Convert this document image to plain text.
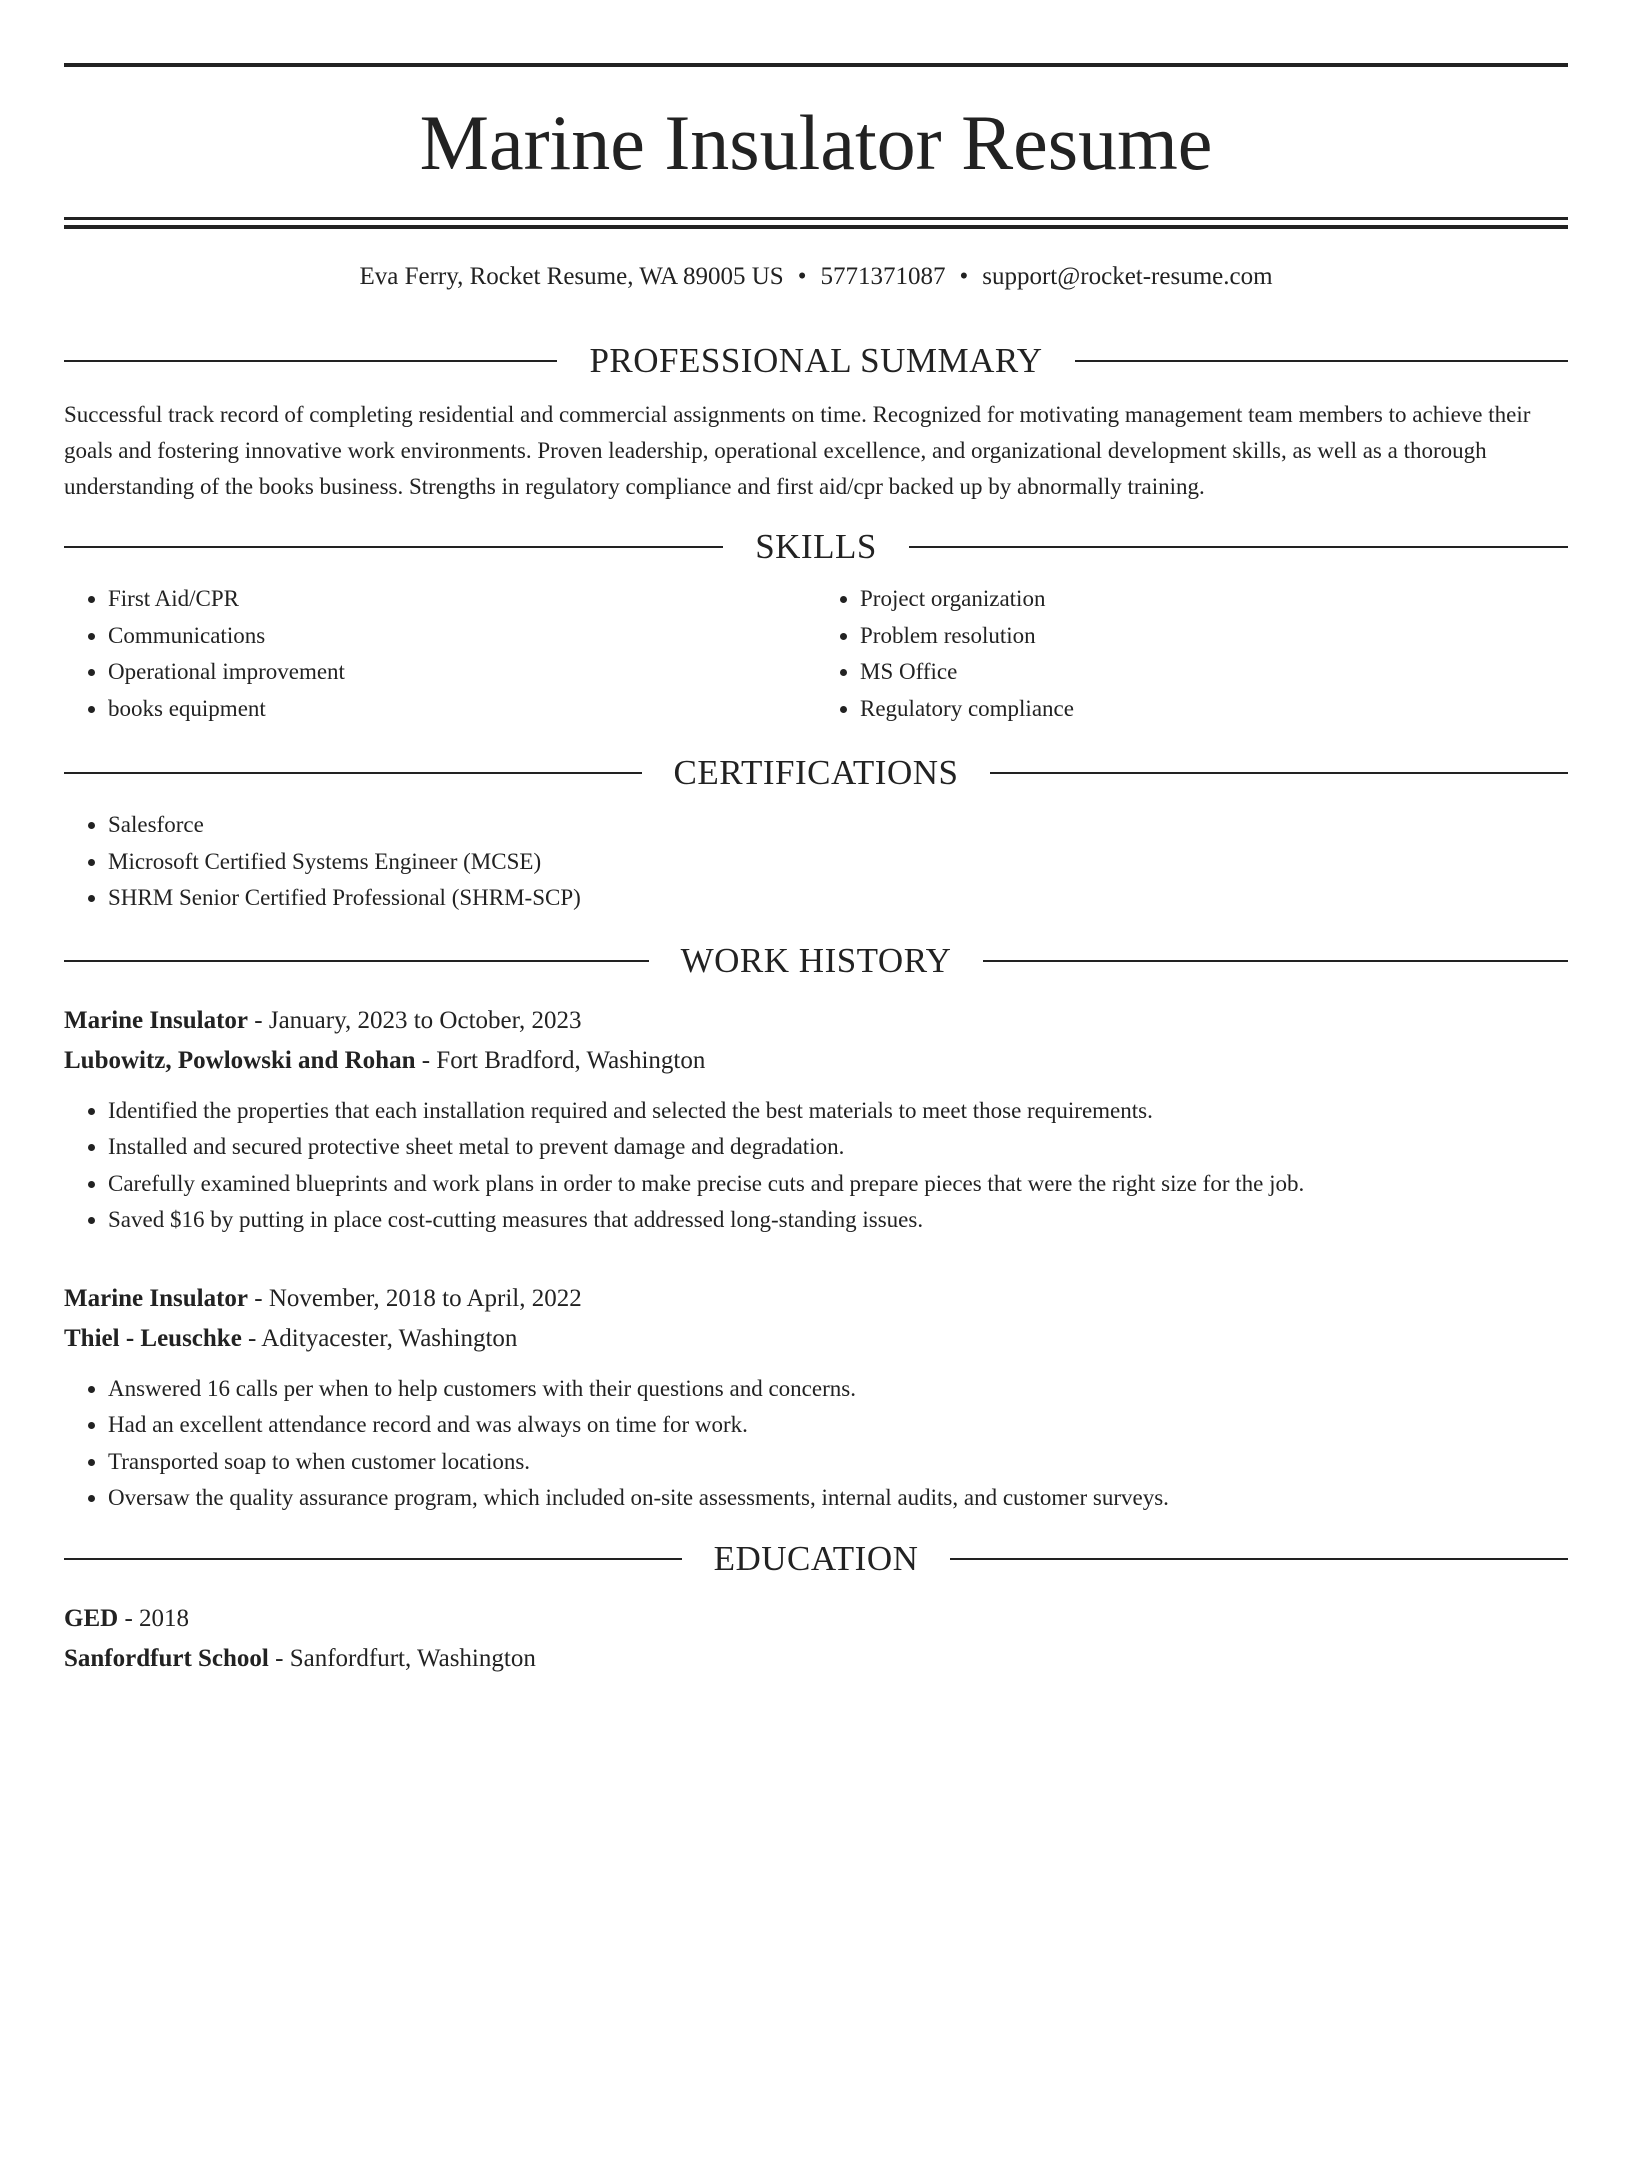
Marine Insulator Resume
Eva Ferry, Rocket Resume, WA 89005 US • 5771371087 • support@rocket-resume.com
PROFESSIONAL SUMMARY
Successful track record of completing residential and commercial assignments on time. Recognized for motivating management team members to achieve their goals and fostering innovative work environments. Proven leadership, operational excellence, and organizational development skills, as well as a thorough understanding of the books business. Strengths in regulatory compliance and first aid/cpr backed up by abnormally training.
SKILLS
• First Aid/CPR
• Communications
• Operational improvement
• books equipment
• Project organization
• Problem resolution
• MS Office
• Regulatory compliance
CERTIFICATIONS
• Salesforce
• Microsoft Certified Systems Engineer (MCSE)
• SHRM Senior Certified Professional (SHRM-SCP)
WORK HISTORY
Marine Insulator - January, 2023 to October, 2023
Lubowitz, Powlowski and Rohan - Fort Bradford, Washington
• Identified the properties that each installation required and selected the best materials to meet those requirements.
• Installed and secured protective sheet metal to prevent damage and degradation.
• Carefully examined blueprints and work plans in order to make precise cuts and prepare pieces that were the right size for the job.
• Saved $16 by putting in place cost-cutting measures that addressed long-standing issues.
Marine Insulator - November, 2018 to April, 2022
Thiel - Leuschke - Adityacester, Washington
• Answered 16 calls per when to help customers with their questions and concerns.
• Had an excellent attendance record and was always on time for work.
• Transported soap to when customer locations.
• Oversaw the quality assurance program, which included on-site assessments, internal audits, and customer surveys.
EDUCATION
GED - 2018
Sanfordfurt School - Sanfordfurt, Washington
